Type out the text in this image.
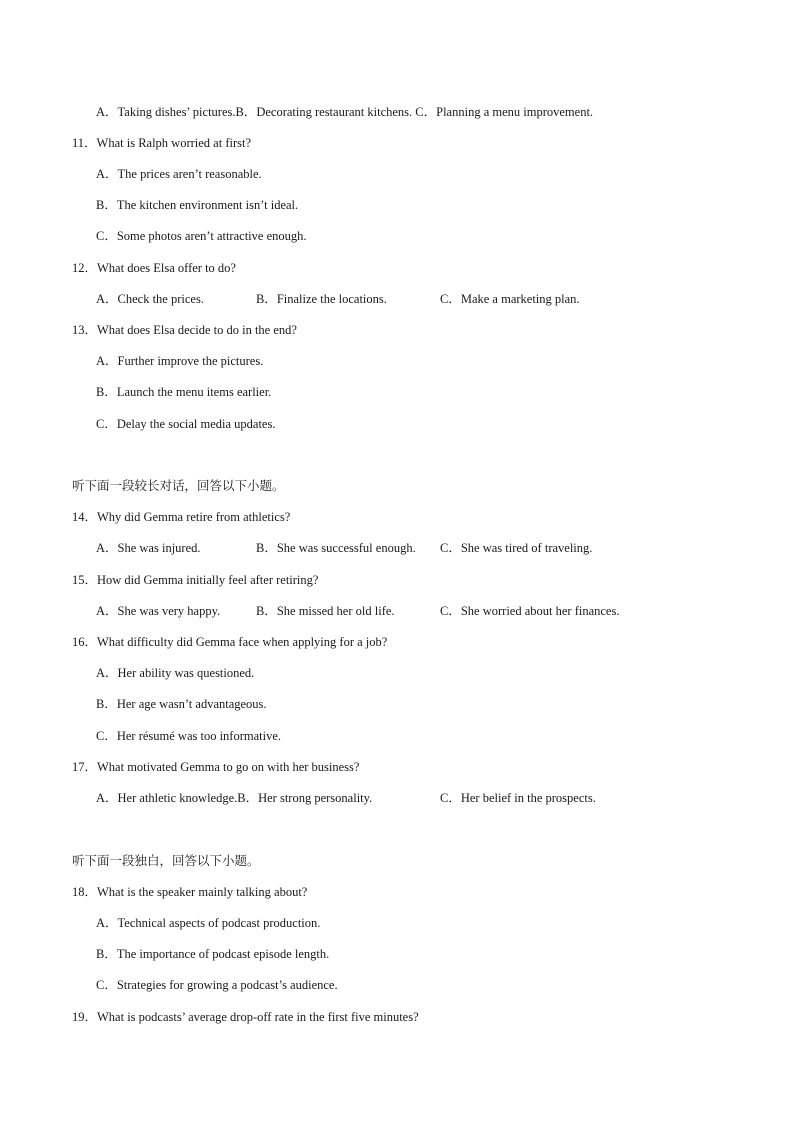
A．Taking dishes’ pictures.B．Decorating restaurant kitchens. C．Planning a menu improvement.
11．What is Ralph worried at first?
A．The prices aren’t reasonable.
B．The kitchen environment isn’t ideal.
C．Some photos aren’t attractive enough.
12．What does Elsa offer to do?
A．Check the prices.	B．Finalize the locations.	C．Make a marketing plan.
13．What does Elsa decide to do in the end?
A．Further improve the pictures.
B．Launch the menu items earlier.
C．Delay the social media updates.
听下面一段较长对话，回答以下小题。
14．Why did Gemma retire from athletics?
A．She was injured.	B．She was successful enough. C．She was tired of traveling.
15．How did Gemma initially feel after retiring?
A．She was very happy.	B．She missed her old life.	C．She worried about her finances.
16．What difficulty did Gemma face when applying for a job?
A．Her ability was questioned.
B．Her age wasn’t advantageous.
C．Her résumé was too informative.
17．What motivated Gemma to go on with her business?
A．Her athletic knowledge.B．Her strong personality.	C．Her belief in the prospects.
听下面一段独白，回答以下小题。
18．What is the speaker mainly talking about?
A．Technical aspects of podcast production.
B．The importance of podcast episode length.
C．Strategies for growing a podcast’s audience.
19．What is podcasts’ average drop-off rate in the first five minutes?
